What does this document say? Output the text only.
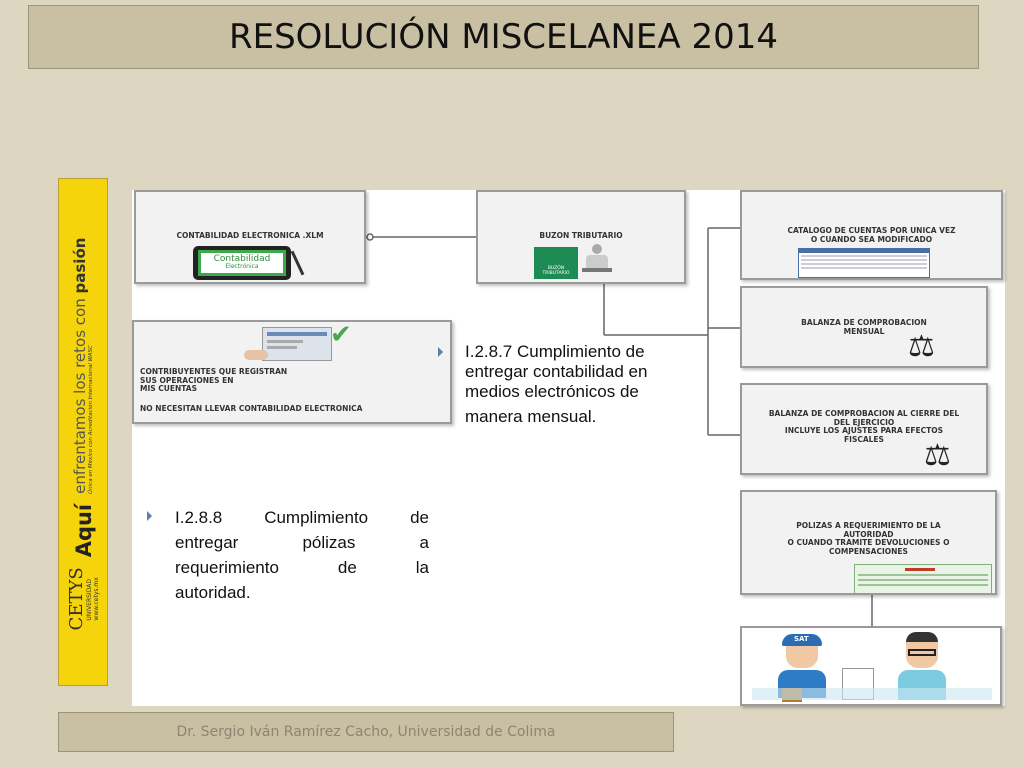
RESOLUCIÓN MISCELANEA 2014
CETYS UNIVERSIDAD www.cetys.mx
Aquí
enfrentamos los retos con pasión
Única en México con Acreditación Internacional WASC
CONTABILIDAD ELECTRONICA .XLM
Contabilidad
Electrónica
✔
CONTRIBUYENTES QUE REGISTRAN
SUS OPERACIONES EN
MIS CUENTAS
NO NECESITAN LLEVAR CONTABILIDAD ELECTRONICA
BUZON TRIBUTARIO
BUZÓN TRIBUTARIO
I.2.8.7 Cumplimiento de
entregar contabilidad en
medios electrónicos de
manera mensual.
I.2.8.8 Cumplimiento de
entregar	pólizas	a
requerimiento	de	la
autoridad.
CATALOGO DE CUENTAS POR UNICA VEZ
O CUANDO SEA MODIFICADO
BALANZA DE COMPROBACION
MENSUAL ⚖
BALANZA DE COMPROBACION AL CIERRE DEL
DEL EJERCICIO
INCLUYE LOS AJUSTES PARA EFECTOS
FISCALES	⚖
POLIZAS A REQUERIMIENTO DE LA
AUTORIDAD
O CUANDO TRAMITE DEVOLUCIONES O
COMPENSACIONES
SAT
Dr. Sergio Iván Ramírez Cacho, Universidad de Colima
